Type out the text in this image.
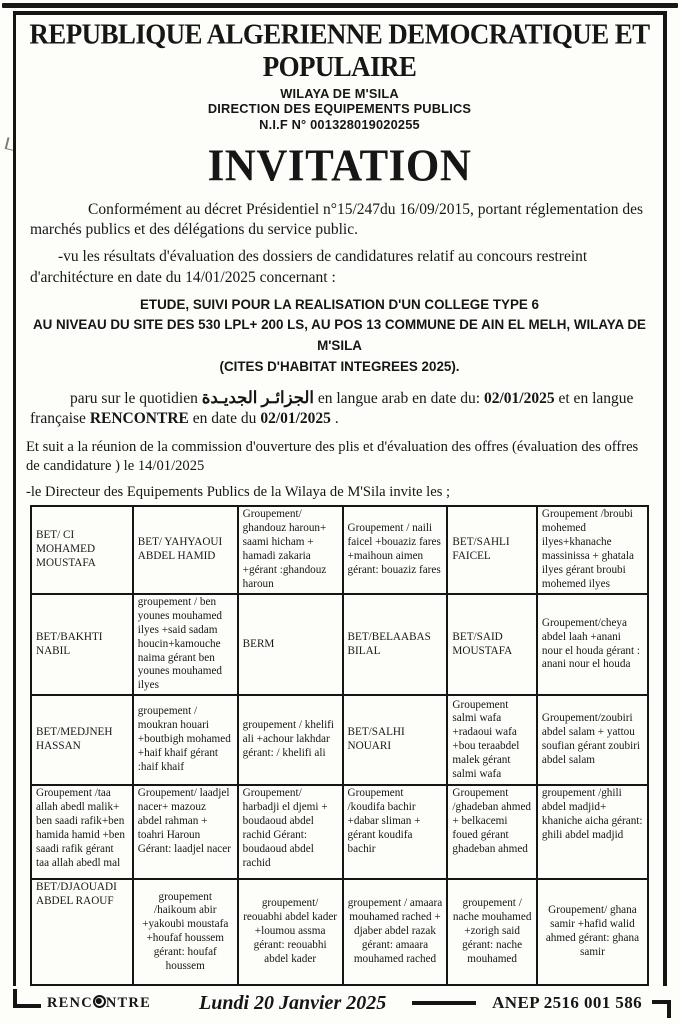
REPUBLIQUE ALGERIENNE DEMOCRATIQUE ET POPULAIRE
WILAYA DE M'SILA
DIRECTION DES EQUIPEMENTS PUBLICS
N.I.F N° 001328019020255
INVITATION

Conformément au décret Présidentiel n°15/247du 16/09/2015, portant réglementation des marchés publics et des délégations du service public.

-vu les résultats d'évaluation des dossiers de candidatures relatif au concours restreint d'architécture en date du 14/01/2025 concernant :

ETUDE, SUIVI POUR LA REALISATION D'UN COLLEGE TYPE 6
AU NIVEAU DU SITE DES 530 LPL+ 200 LS, AU POS 13 COMMUNE DE AIN EL MELH, WILAYA DE M'SILA
(CITES D'HABITAT INTEGREES 2025).

paru sur le quotidien الجزائـر الجديـدة en langue arab en date du: 02/01/2025 et en langue française RENCONTRE en date du 02/01/2025 .

Et suit a la réunion de la commission d'ouverture des plis et d'évaluation des offres (évaluation des offres de candidature ) le 14/01/2025

-le Directeur des Equipements Publics de la Wilaya de M'Sila invite les ;

BET/ CI MOHAMED MOUSTAFA	BET/ YAHYAOUI ABDEL HAMID	Groupement/ ghandouz haroun+ saami hicham + hamadi zakaria +gérant :ghandouz haroun	Groupement / naili faicel +bouaziz fares +maihoun aimen gérant: bouaziz fares	BET/SAHLI FAICEL	Groupement /broubi mohemed ilyes+khanache massinissa + ghatala ilyes gérant broubi mohemed ilyes
BET/BAKHTI NABIL	groupement / ben younes mouhamed ilyes +said sadam houcin+kamouche naima gérant ben younes mouhamed ilyes	BERM	BET/BELAABAS BILAL	BET/SAID MOUSTAFA	Groupement/cheya abdel laah +anani nour el houda gérant : anani nour el houda
BET/MEDJNEH HASSAN	groupement / moukran houari +boutbigh mohamed +haif khaif gérant :haif khaif	groupement / khelifi ali +achour lakhdar gérant: / khelifi ali	BET/SALHI NOUARI	Groupement salmi wafa +radaoui wafa +bou teraabdel malek gérant salmi wafa	Groupement/zoubiri abdel salam + yattou soufian gérant zoubiri abdel salam
Groupement /taa allah abedl malik+ ben saadi rafik+ben hamida hamid +ben saadi rafik gérant taa allah abedl mal	Groupement/ laadjel nacer+ mazouz abdel rahman + toahri Haroun Gérant: laadjel nacer	Groupement/ harbadji el djemi + boudaoud abdel rachid Gérant: boudaoud abdel rachid	Groupement /koudifa bachir +dabar sliman + gérant koudifa bachir	Groupement /ghadeban ahmed + belkacemi foued gérant ghadeban ahmed	groupement /ghili abdel madjid+ khaniche aicha gérant: ghili abdel madjid
BET/DJAOUADI ABDEL RAOUF	groupement /haikoum abir +yakoubi moustafa +houfaf houssem gérant: houfaf houssem	groupement/ reouabhi abdel kader +loumou assma gérant: reouabhi abdel kader	groupement / amaara mouhamed rached + djaber abdel razak gérant: amaara mouhamed rached	groupement / nache mouhamed +zorigh said gérant: nache mouhamed	Groupement/ ghana samir +hafid walid ahmed gérant: ghana samir

RENC NTRE Lundi 20 Janvier 2025	ANEP 2516 001 586
